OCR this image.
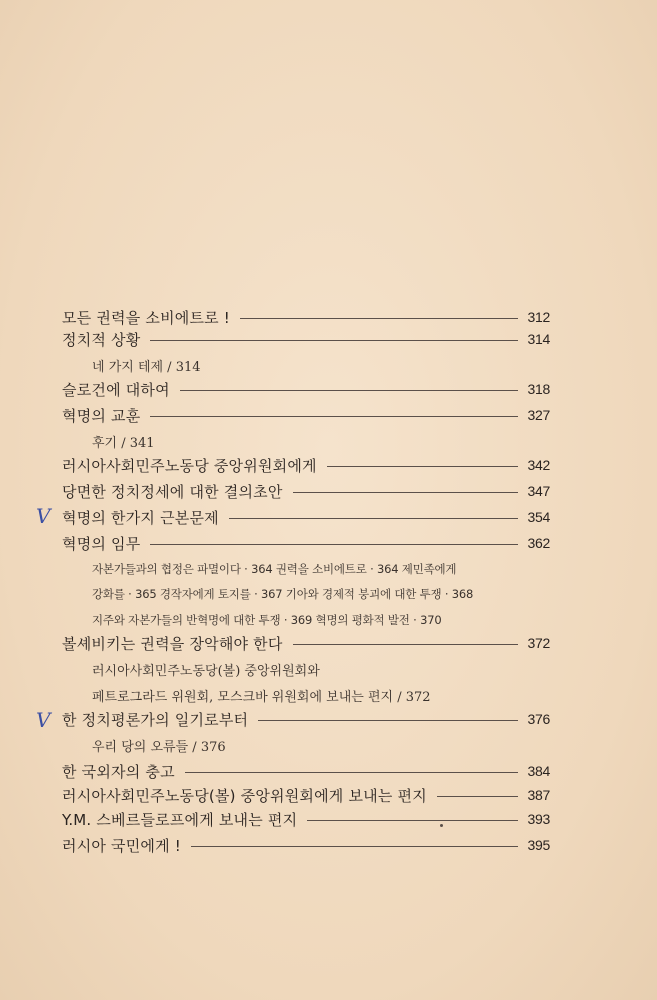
모든 권력을 소비에트로 !	312
정치적 상황	314
네 가지 테제 / 314
슬로건에 대하여	318
혁명의 교훈	327
후기 / 341
러시아사회민주노동당 중앙위원회에게	342
당면한 정치정세에 대한 결의초안	347
V 혁명의 한가지 근본문제	354
혁명의 임무	362
자본가들과의 협정은 파멸이다 · 364 권력을 소비에트로 · 364 제민족에게
강화를 · 365 경작자에게 토지를 · 367 기아와 경제적 붕괴에 대한 투쟁 · 368
지주와 자본가들의 반혁명에 대한 투쟁 · 369 혁명의 평화적 발전 · 370
볼셰비키는 권력을 장악해야 한다	372
러시아사회민주노동당(볼) 중앙위원회와
페트로그라드 위원회, 모스크바 위원회에 보내는 편지 / 372
V 한 정치평론가의 일기로부터	376
우리 당의 오류들 / 376
한 국외자의 충고	384
러시아사회민주노동당(볼) 중앙위원회에게 보내는 편지	387
Y.M. 스베르들로프에게 보내는 편지	393
러시아 국민에게 !	395
